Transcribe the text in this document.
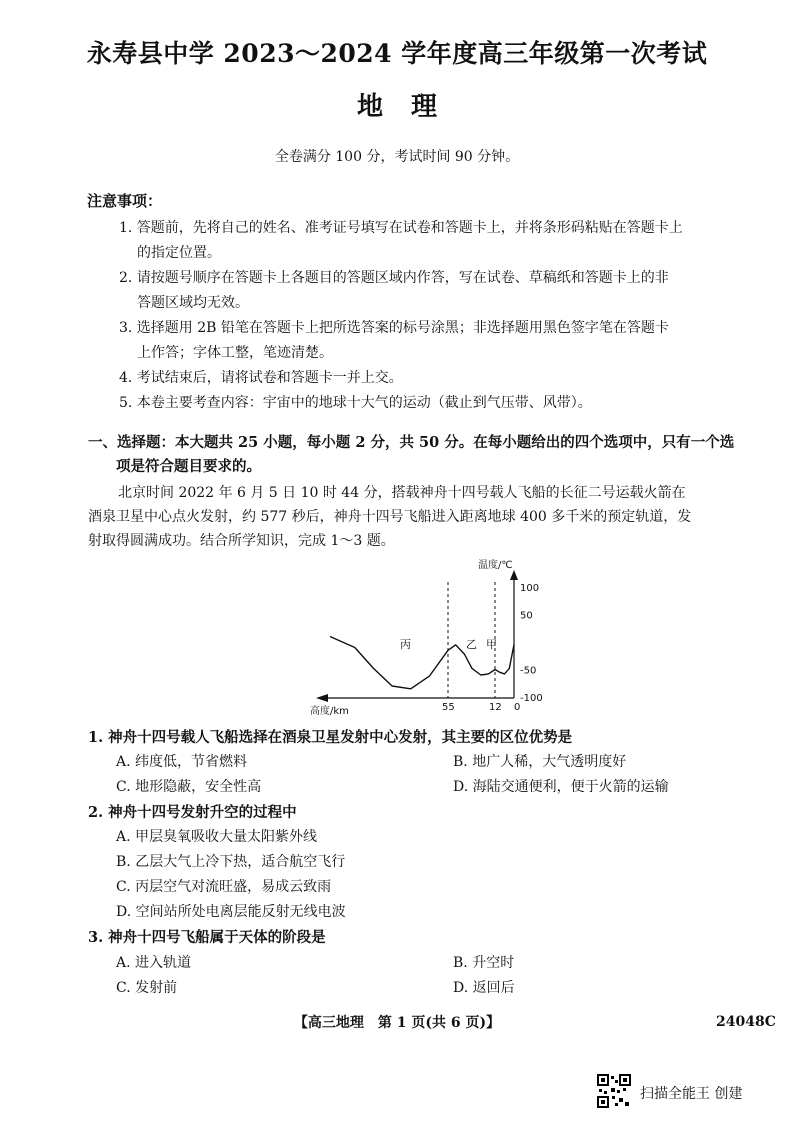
永寿县中学 2023～2024 学年度高三年级第一次考试
地理
全卷满分 100 分，考试时间 90 分钟。
注意事项：
1. 答题前，先将自己的姓名、准考证号填写在试卷和答题卡上，并将条形码粘贴在答题卡上
的指定位置。
2. 请按题号顺序在答题卡上各题目的答题区域内作答，写在试卷、草稿纸和答题卡上的非
答题区域均无效。
3. 选择题用 2B 铅笔在答题卡上把所选答案的标号涂黑；非选择题用黑色签字笔在答题卡
上作答；字体工整，笔迹清楚。
4. 考试结束后，请将试卷和答题卡一并上交。
5. 本卷主要考查内容：宇宙中的地球十大气的运动（截止到气压带、风带）。
一、选择题：本大题共 25 小题，每小题 2 分，共 50 分。在每小题给出的四个选项中，只有一个选
项是符合题目要求的。
北京时间 2022 年 6 月 5 日 10 时 44 分，搭载神舟十四号载人飞船的长征二号运载火箭在
酒泉卫星中心点火发射，约 577 秒后，神舟十四号飞船进入距离地球 400 多千米的预定轨道，发
射取得圆满成功。结合所学知识，完成 1～3 题。
温度/℃
高度/km
100
50
-50
-100
0
12
55
甲
乙
丙
1. 神舟十四号载人飞船选择在酒泉卫星发射中心发射，其主要的区位优势是
A. 纬度低，节省燃料	B. 地广人稀，大气透明度好
C. 地形隐蔽，安全性高	D. 海陆交通便利，便于火箭的运输
2. 神舟十四号发射升空的过程中
A. 甲层臭氧吸收大量太阳紫外线
B. 乙层大气上冷下热，适合航空飞行
C. 丙层空气对流旺盛，易成云致雨
D. 空间站所处电离层能反射无线电波
3. 神舟十四号飞船属于天体的阶段是
A. 进入轨道	B. 升空时
C. 发射前	D. 返回后
【高三地理　第 1 页(共 6 页)】	24048C
扫描全能王 创建
